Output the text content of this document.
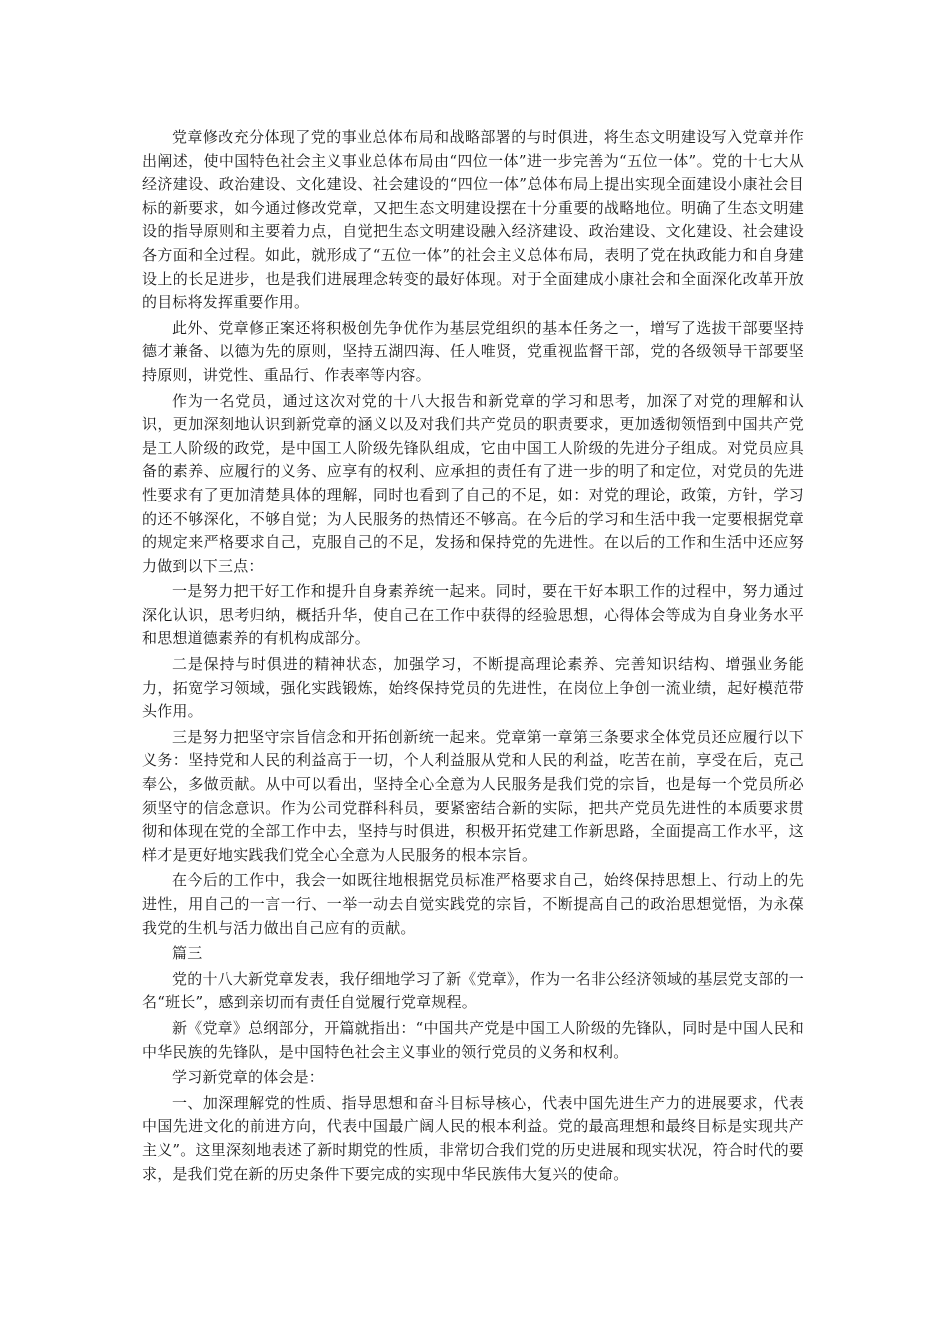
党章修改充分体现了党的事业总体布局和战略部署的与时俱进，将生态文明建设写入党章并作出阐述，使中国特色社会主义事业总体布局由“四位一体”进一步完善为“五位一体”。党的十七大从经济建设、政治建设、文化建设、社会建设的“四位一体”总体布局上提出实现全面建设小康社会目标的新要求，如今通过修改党章，又把生态文明建设摆在十分重要的战略地位。明确了生态文明建设的指导原则和主要着力点，自觉把生态文明建设融入经济建设、政治建设、文化建设、社会建设各方面和全过程。如此，就形成了“五位一体”的社会主义总体布局，表明了党在执政能力和自身建设上的长足进步，也是我们进展理念转变的最好体现。对于全面建成小康社会和全面深化改革开放的目标将发挥重要作用。

此外、党章修正案还将积极创先争优作为基层党组织的基本任务之一，增写了选拔干部要坚持德才兼备、以德为先的原则，坚持五湖四海、任人唯贤，党重视监督干部，党的各级领导干部要坚持原则，讲党性、重品行、作表率等内容。

作为一名党员，通过这次对党的十八大报告和新党章的学习和思考，加深了对党的理解和认识，更加深刻地认识到新党章的涵义以及对我们共产党员的职责要求，更加透彻领悟到中国共产党是工人阶级的政党，是中国工人阶级先锋队组成，它由中国工人阶级的先进分子组成。对党员应具备的素养、应履行的义务、应享有的权利、应承担的责任有了进一步的明了和定位，对党员的先进性要求有了更加清楚具体的理解，同时也看到了自己的不足，如：对党的理论，政策，方针，学习的还不够深化，不够自觉；为人民服务的热情还不够高。在今后的学习和生活中我一定要根据党章的规定来严格要求自己，克服自己的不足，发扬和保持党的先进性。在以后的工作和生活中还应努力做到以下三点：

一是努力把干好工作和提升自身素养统一起来。同时，要在干好本职工作的过程中，努力通过深化认识，思考归纳，概括升华，使自己在工作中获得的经验思想，心得体会等成为自身业务水平和思想道德素养的有机构成部分。

二是保持与时俱进的精神状态，加强学习，不断提高理论素养、完善知识结构、增强业务能力，拓宽学习领域，强化实践锻炼，始终保持党员的先进性，在岗位上争创一流业绩，起好模范带头作用。

三是努力把坚守宗旨信念和开拓创新统一起来。党章第一章第三条要求全体党员还应履行以下义务：坚持党和人民的利益高于一切，个人利益服从党和人民的利益，吃苦在前，享受在后，克己奉公，多做贡献。从中可以看出，坚持全心全意为人民服务是我们党的宗旨，也是每一个党员所必须坚守的信念意识。作为公司党群科科员，要紧密结合新的实际，把共产党员先进性的本质要求贯彻和体现在党的全部工作中去，坚持与时俱进，积极开拓党建工作新思路，全面提高工作水平，这样才是更好地实践我们党全心全意为人民服务的根本宗旨。

在今后的工作中，我会一如既往地根据党员标准严格要求自己，始终保持思想上、行动上的先进性，用自己的一言一行、一举一动去自觉实践党的宗旨，不断提高自己的政治思想觉悟，为永葆我党的生机与活力做出自己应有的贡献。

篇三

党的十八大新党章发表，我仔细地学习了新《党章》，作为一名非公经济领域的基层党支部的一名“班长”，感到亲切而有责任自觉履行党章规程。

新《党章》总纲部分，开篇就指出：“中国共产党是中国工人阶级的先锋队，同时是中国人民和中华民族的先锋队，是中国特色社会主义事业的领行党员的义务和权利。

学习新党章的体会是：

一、加深理解党的性质、指导思想和奋斗目标导核心，代表中国先进生产力的进展要求，代表中国先进文化的前进方向，代表中国最广阔人民的根本利益。党的最高理想和最终目标是实现共产主义”。这里深刻地表述了新时期党的性质，非常切合我们党的历史进展和现实状况，符合时代的要求，是我们党在新的历史条件下要完成的实现中华民族伟大复兴的使命。
